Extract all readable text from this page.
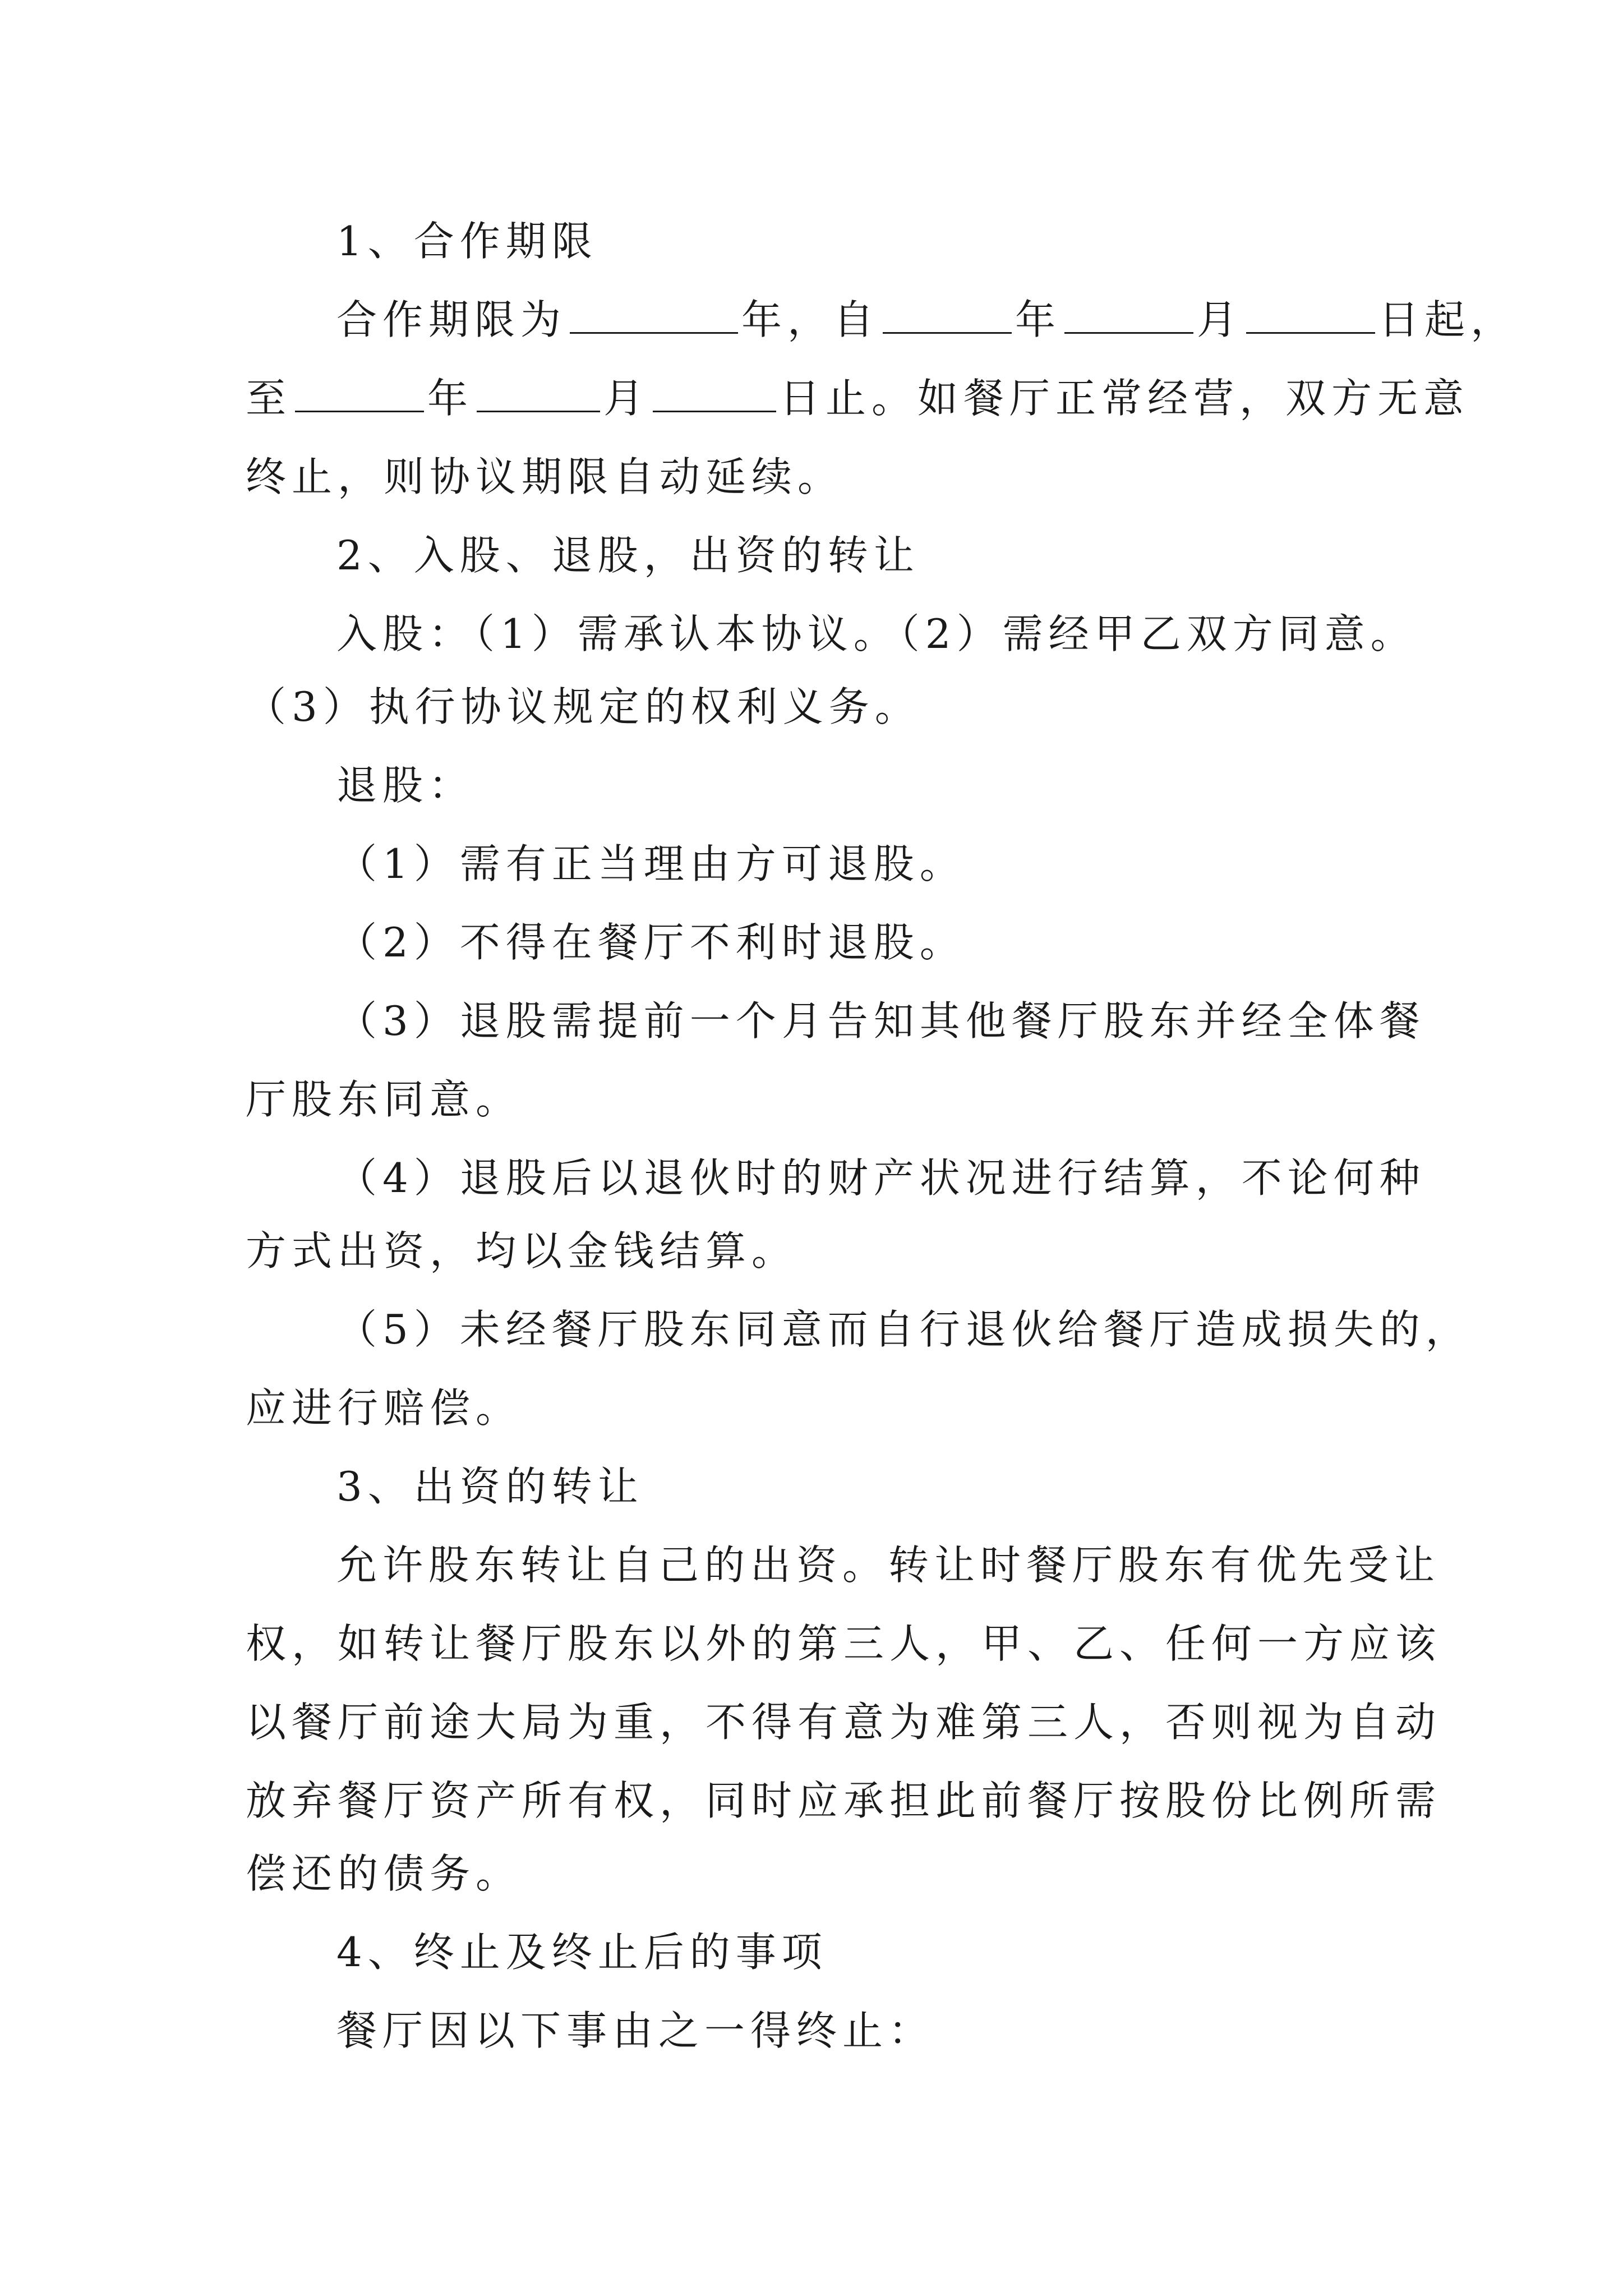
1、合作期限
合作期限为	年，自	年	月	日起，
至	年	月	日止。如餐厅正常经营，双方无意
终止，则协议期限自动延续。
2、入股、退股，出资的转让
入股：（1）需承认本协议。（2）需经甲乙双方同意。
（3）执行协议规定的权利义务。
退股：
（1）需有正当理由方可退股。
（2）不得在餐厅不利时退股。
（3）退股需提前一个月告知其他餐厅股东并经全体餐
厅股东同意。
（4）退股后以退伙时的财产状况进行结算，不论何种
方式出资，均以金钱结算。
（5）未经餐厅股东同意而自行退伙给餐厅造成损失的，
应进行赔偿。
3、出资的转让
允许股东转让自己的出资。转让时餐厅股东有优先受让
权，如转让餐厅股东以外的第三人，甲、乙、任何一方应该
以餐厅前途大局为重，不得有意为难第三人，否则视为自动
放弃餐厅资产所有权，同时应承担此前餐厅按股份比例所需
偿还的债务。
4、终止及终止后的事项
餐厅因以下事由之一得终止：
